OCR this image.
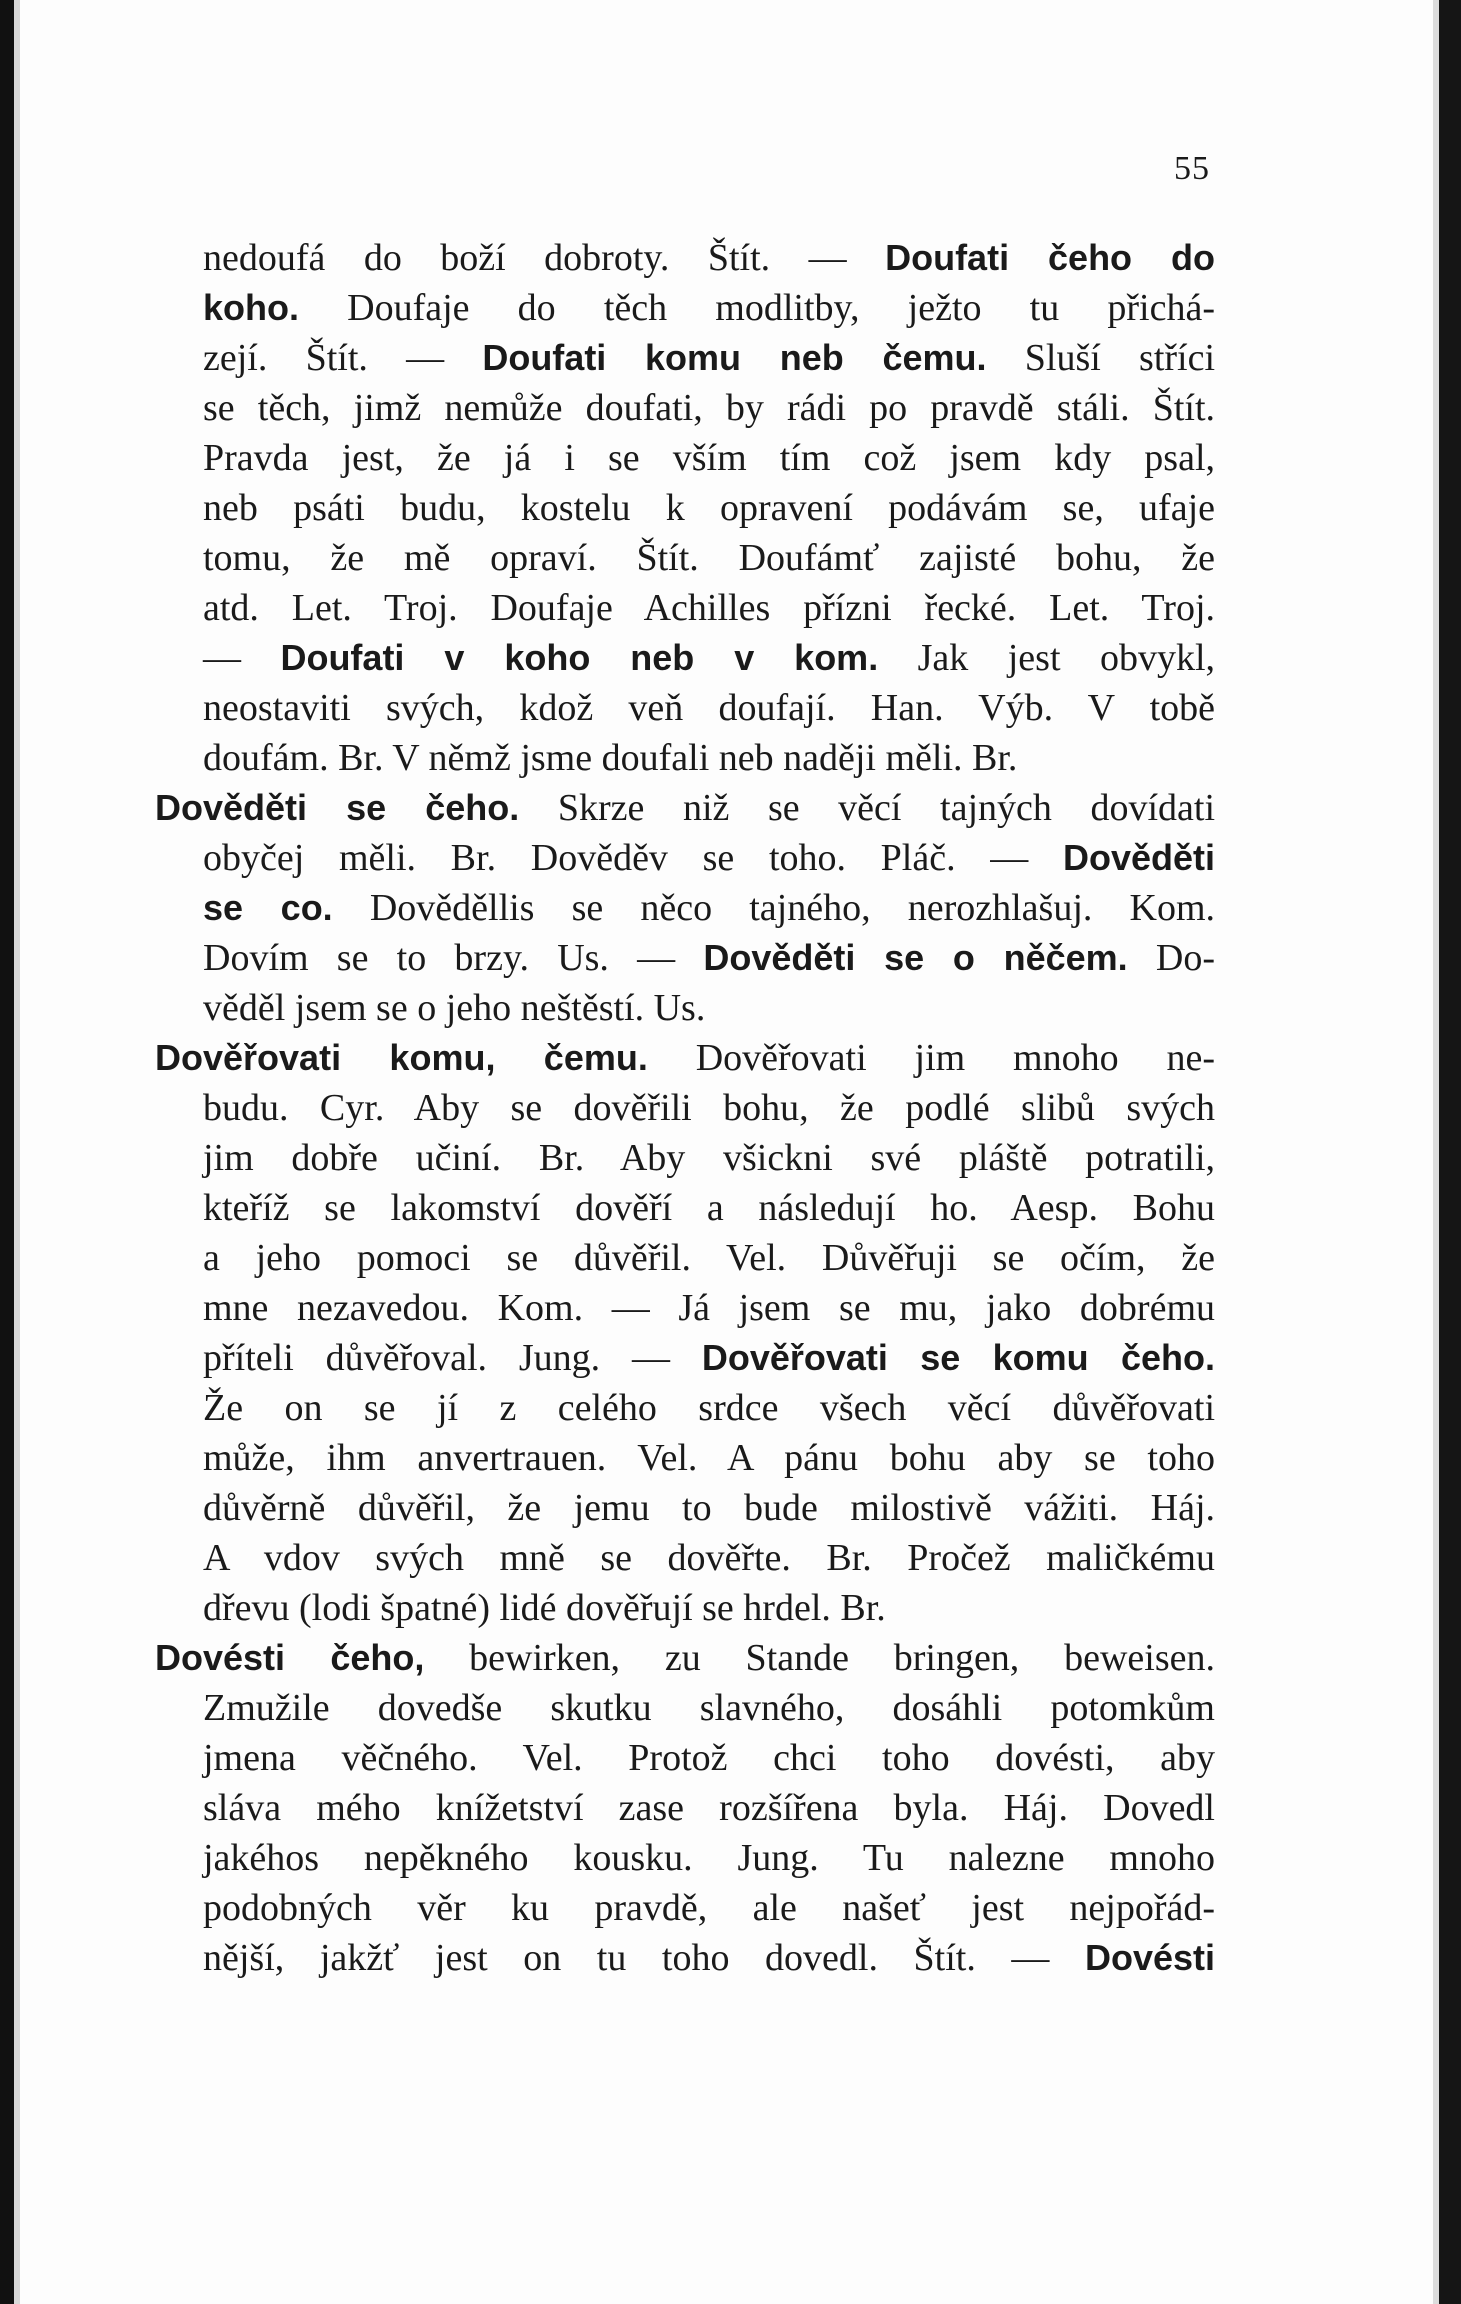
55
nedoufá do boží dobroty. Štít. — Doufati čeho do
koho. Doufaje do těch modlitby, ježto tu přichá-
zejí. Štít. — Doufati komu neb čemu. Sluší stříci
se těch, jimž nemůže doufati, by rádi po pravdě stáli. Štít.
Pravda jest, že já i se vším tím což jsem kdy psal,
neb psáti budu, kostelu k opravení podávám se, ufaje
tomu, že mě opraví. Štít. Doufámť zajisté bohu, že
atd. Let. Troj. Doufaje Achilles přízni řecké. Let. Troj.
— Doufati v koho neb v kom. Jak jest obvykl,
neostaviti svých, kdož veň doufají. Han. Výb. V tobě
doufám. Br. V němž jsme doufali neb naději měli. Br.
Dověděti se čeho. Skrze niž se věcí tajných dovídati
obyčej měli. Br. Dověděv se toho. Pláč. — Dověděti
se co. Dověděllis se něco tajného, nerozhlašuj. Kom.
Dovím se to brzy. Us. — Dověděti se o něčem. Do-
věděl jsem se o jeho neštěstí. Us.
Dověřovati komu, čemu. Dověřovati jim mnoho ne-
budu. Cyr. Aby se dověřili bohu, že podlé slibů svých
jim dobře učiní. Br. Aby všickni své pláště potratili,
kteříž se lakomství dověří a následují ho. Aesp. Bohu
a jeho pomoci se důvěřil. Vel. Důvěřuji se očím, že
mne nezavedou. Kom. — Já jsem se mu, jako dobrému
příteli důvěřoval. Jung. — Dověřovati se komu čeho.
Že on se jí z celého srdce všech věcí důvěřovati
může, ihm anvertrauen. Vel. A pánu bohu aby se toho
důvěrně důvěřil, že jemu to bude milostivě vážiti. Háj.
A vdov svých mně se dověřte. Br. Pročež maličkému
dřevu (lodi špatné) lidé dověřují se hrdel. Br.
Dovésti čeho, bewirken, zu Stande bringen, beweisen.
Zmužile dovedše skutku slavného, dosáhli potomkům
jmena věčného. Vel. Protož chci toho dovésti, aby
sláva mého knížetství zase rozšířena byla. Háj. Dovedl
jakéhos nepěkného kousku. Jung. Tu nalezne mnoho
podobných věr ku pravdě, ale našeť jest nejpořád-
nější, jakžť jest on tu toho dovedl. Štít. — Dovésti
